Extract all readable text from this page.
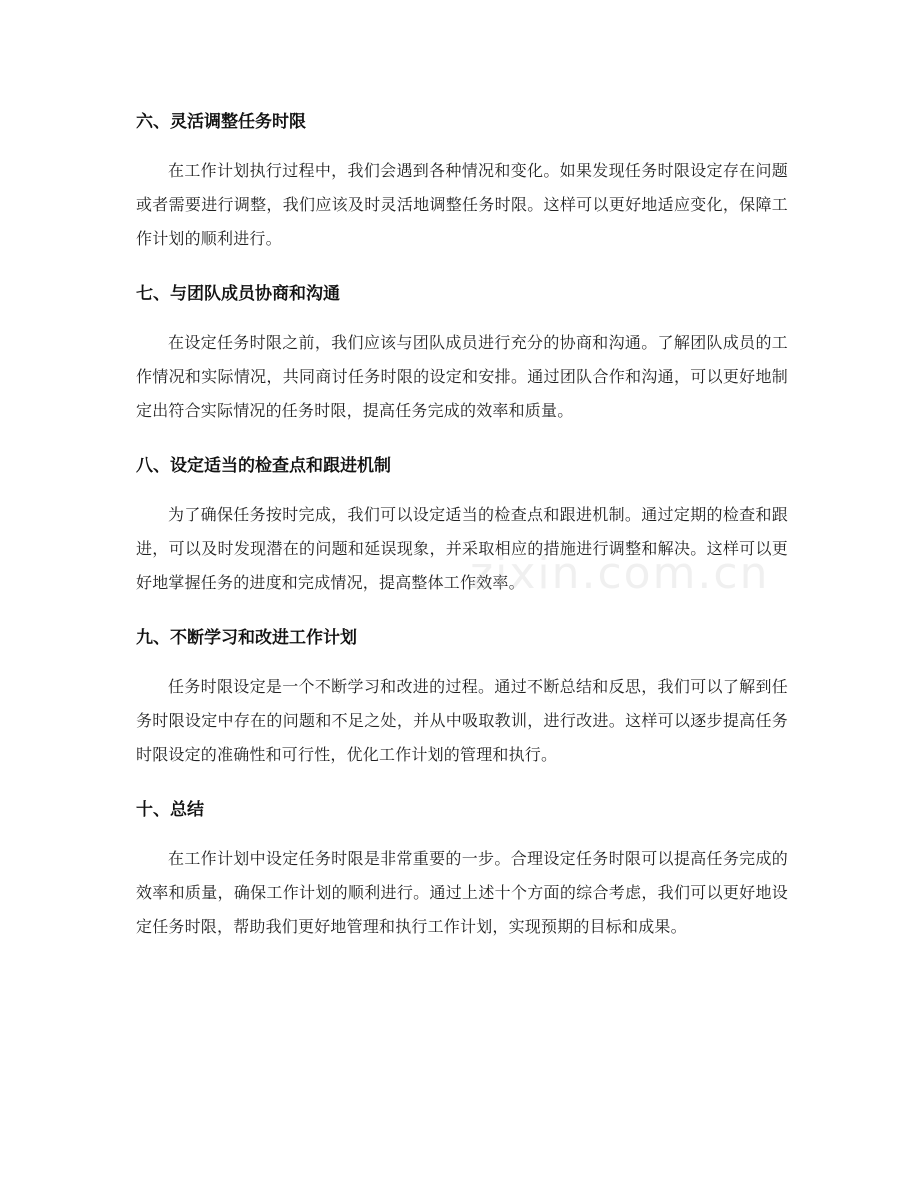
六、灵活调整任务时限

在工作计划执行过程中，我们会遇到各种情况和变化。如果发现任务时限设定存在问题或者需要进行调整，我们应该及时灵活地调整任务时限。这样可以更好地适应变化，保障工作计划的顺利进行。

七、与团队成员协商和沟通

在设定任务时限之前，我们应该与团队成员进行充分的协商和沟通。了解团队成员的工作情况和实际情况，共同商讨任务时限的设定和安排。通过团队合作和沟通，可以更好地制定出符合实际情况的任务时限，提高任务完成的效率和质量。

八、设定适当的检查点和跟进机制

为了确保任务按时完成，我们可以设定适当的检查点和跟进机制。通过定期的检查和跟进，可以及时发现潜在的问题和延误现象，并采取相应的措施进行调整和解决。这样可以更好地掌握任务的进度和完成情况，提高整体工作效率。

九、不断学习和改进工作计划

任务时限设定是一个不断学习和改进的过程。通过不断总结和反思，我们可以了解到任务时限设定中存在的问题和不足之处，并从中吸取教训，进行改进。这样可以逐步提高任务时限设定的准确性和可行性，优化工作计划的管理和执行。

十、总结

在工作计划中设定任务时限是非常重要的一步。合理设定任务时限可以提高任务完成的效率和质量，确保工作计划的顺利进行。通过上述十个方面的综合考虑，我们可以更好地设定任务时限，帮助我们更好地管理和执行工作计划，实现预期的目标和成果。

zixin.com.cn
